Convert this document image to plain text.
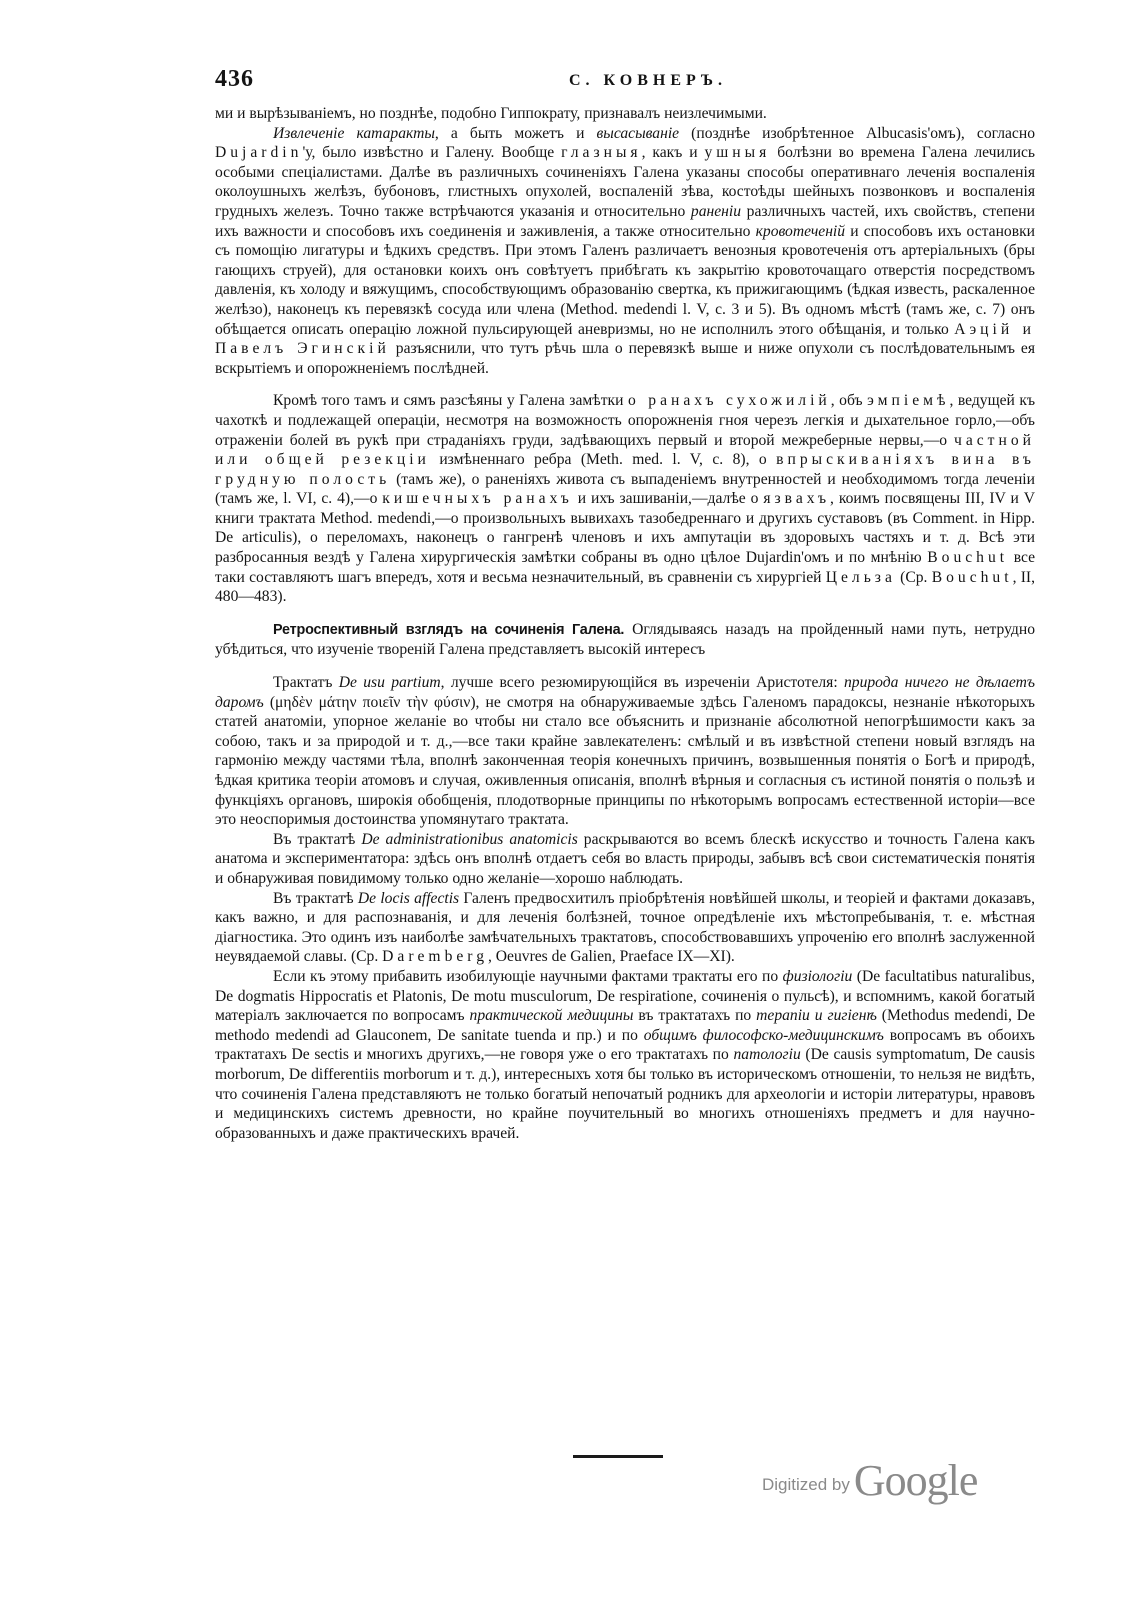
436	С. КОВНЕРЪ.

ми и вырѣзываніемъ, но позднѣе, подобно Гиппократу, признавалъ неизлечимыми.

Извлеченіе катаракты, а быть можетъ и высасываніе (позднѣе изобрѣтенное Albucasis'омъ), согласно Dujardin'у, было извѣстно и Галену. Вообще глазныя, какъ и ушныя болѣзни во времена Галена лечились особыми спеціалистами. Далѣе въ различныхъ сочиненіяхъ Галена указаны способы оперативнаго леченія воспаленія околоушныхъ желѣзъ, бубоновъ, глистныхъ опухолей, воспаленій зѣва, костоѣды шейныхъ позвонковъ и воспаленія грудныхъ железъ. Точно также встрѣчаются указанія и относительно раненіи различныхъ частей, ихъ свойствъ, степени ихъ важности и способовъ ихъ соединенія и заживленія, а также относительно кровотеченій и способовъ ихъ остановки съ помощію лигатуры и ѣдкихъ средствъ. При этомъ Галенъ различаетъ венозныя кровотеченія отъ артеріальныхъ (бры гающихъ струей), для остановки коихъ онъ совѣтуетъ прибѣгать къ закрытію кровоточащаго отверстія посредствомъ давленія, къ холоду и вяжущимъ, способствующимъ образованію свертка, къ прижигающимъ (ѣдкая известь, раскаленное желѣзо), наконецъ къ перевязкѣ сосуда или члена (Method. medendi l. V, c. 3 и 5). Въ одномъ мѣстѣ (тамъ же, c. 7) онъ обѣщается описать операцію ложной пульсирующей аневризмы, но не исполнилъ этого обѣщанія, и только Аэцій и Павелъ Эгинскій разъяснили, что тутъ рѣчь шла о перевязкѣ выше и ниже опухоли съ послѣдовательнымъ ея вскрытіемъ и опорожненіемъ послѣдней.

Кромѣ того тамъ и сямъ разсѣяны у Галена замѣтки о ранахъ сухожилій, объ эмпіемѣ, ведущей къ чахоткѣ и подлежащей операціи, несмотря на возможность опорожненія гноя черезъ легкія и дыхательное горло,—объ отраженіи болей въ рукѣ при страданіяхъ груди, задѣвающихъ первый и второй межреберные нервы,—о частной или общей резекціи измѣненнаго ребра (Meth. med. l. V, c. 8), о впрыскиваніяхъ вина въ грудную полость (тамъ же), о раненіяхъ живота съ выпаденіемъ внутренностей и необходимомъ тогда леченіи (тамъ же, l. VI, c. 4),—о кишечныхъ ранахъ и ихъ зашиваніи,—далѣе о язвахъ, коимъ посвящены III, IV и V книги трактата Method. medendi,—о произвольныхъ вывихахъ тазобедреннаго и другихъ суставовъ (въ Comment. in Hipp. De articulis), о переломахъ, наконецъ о гангренѣ членовъ и ихъ ампутаціи въ здоровыхъ частяхъ и т. д. Всѣ эти разбросанныя вездѣ у Галена хирургическія замѣтки собраны въ одно цѣлое Dujardin'омъ и по мнѣнію Bouchut все таки составляютъ шагъ впередъ, хотя и весьма незначительный, въ сравненіи съ хирургіей Цельза (Ср. Bouchut, II, 480—483).

Ретроспективный взглядъ на сочиненія Галена. Оглядываясь назадъ на пройденный нами путь, нетрудно убѣдиться, что изученіе твореній Галена представляетъ высокій интересъ

Трактатъ De usu partium, лучше всего резюмирующійся въ изреченіи Аристотеля: природа ничего не дѣлаетъ даромъ (μηδὲν μάτην ποιεῖν τὴν φύσιν), не смотря на обнаруживаемые здѣсь Галеномъ парадоксы, незнаніе нѣкоторыхъ статей анатоміи, упорное желаніе во чтобы ни стало все объяснить и признаніе абсолютной непогрѣшимости какъ за собою, такъ и за природой и т. д.,—все таки крайне завлекателенъ: смѣлый и въ извѣстной степени новый взглядъ на гармонію между частями тѣла, вполнѣ законченная теорія конечныхъ причинъ, возвышенныя понятія о Богѣ и природѣ, ѣдкая критика теоріи атомовъ и случая, оживленныя описанія, вполнѣ вѣрныя и согласныя съ истиной понятія о пользѣ и функціяхъ органовъ, широкія обобщенія, плодотворные принципы по нѣкоторымъ вопросамъ естественной исторіи—все это неоспоримыя достоинства упомянутаго трактата.

Въ трактатѣ De administrationibus anatomicis раскрываются во всемъ блескѣ искусство и точность Галена какъ анатома и экспериментатора: здѣсь онъ вполнѣ отдаетъ себя во власть природы, забывъ всѣ свои систематическія понятія и обнаруживая повидимому только одно желаніе—хорошо наблюдать.

Въ трактатѣ De locis affectis Галенъ предвосхитилъ пріобрѣтенія новѣйшей школы, и теоріей и фактами доказавъ, какъ важно, и для распознаванія, и для леченія болѣзней, точное опредѣленіе ихъ мѣстопребыванія, т. е. мѣстная діагностика. Это одинъ изъ наиболѣе замѣчательныхъ трактатовъ, способствовавшихъ упроченію его вполнѣ заслуженной неувядаемой славы. (Ср. Daremberg, Oeuvres de Galien, Praeface IX—XI).

Если къ этому прибавить изобилующіе научными фактами трактаты его по физіологіи (De facultatibus naturalibus, De dogmatis Hippocratis et Platonis, De motu musculorum, De respiratione, сочиненія о пульсѣ), и вспомнимъ, какой богатый матеріалъ заключается по вопросамъ практической медицины въ трактатахъ по терапіи и гигіенѣ (Methodus medendi, De methodo medendi ad Glauconem, De sanitate tuenda и пр.) и по общимъ философско-медицинскимъ вопросамъ въ обоихъ трактатахъ De sectis и многихъ другихъ,—не говоря уже о его трактатахъ по патологіи (De causis symptomatum, De causis morborum, De differentiis morborum и т. д.), интересныхъ хотя бы только въ историческомъ отношеніи, то нельзя не видѣть, что сочиненія Галена представляютъ не только богатый непочатый родникъ для археологіи и исторіи литературы, нравовъ и медицинскихъ системъ древности, но крайне поучительный во многихъ отношеніяхъ предметъ и для научно-образованныхъ и даже практическихъ врачей.

Digitized by Google
